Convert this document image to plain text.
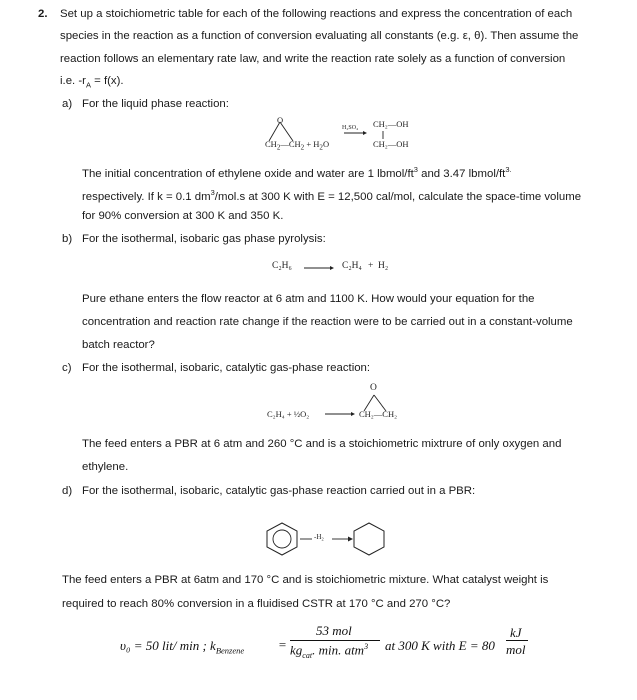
2. Set up a stoichiometric table for each of the following reactions and express the concentration of each
species in the reaction as a function of conversion evaluating all constants (e.g. ε, θ). Then assume the
reaction follows an elementary rate law, and write the reaction rate solely as a function of conversion
i.e. $-r_A = f(x)$.
a) For the liquid phase reaction:
O
$CH_2—CH_2 + H_2O$
H₂SO₄ CH₂—OH
CH₂—OH
The initial concentration of ethylene oxide and water are 1 lbmol/$ft^3$ and 3.47 lbmol/$ft^{3.}$
respectively. If k = 0.1 $dm^3/mol.s$ at 300 K with E = 12,500 cal/mol, calculate the space-time volume
for 90% conversion at 300 K and 350 K.
b) For the isothermal, isobaric gas phase pyrolysis:
C₂H₆	C₂H₄ + H₂
Pure ethane enters the flow reactor at 6 atm and 1100 K. How would your equation for the
concentration and reaction rate change if the reaction were to be carried out in a constant-volume
batch reactor?
c) For the isothermal, isobaric, catalytic gas-phase reaction:
C₂H₄ + ½O₂
O
CH₂—CH₂
The feed enters a PBR at 6 atm and 260 °C and is a stoichiometric mixtrure of only oxygen and
ethylene.
d) For the isothermal, isobaric, catalytic gas-phase reaction carried out in a PBR:
-H₂
The feed enters a PBR at 6atm and 170 °C and is stoichiometric mixture. What catalyst weight is
required to reach 80% conversion in a fluidised CSTR at 170 °C and 270 °C?
υ₀ = 50 lit/ min ; $k_{Benzene}$	=
53 mol
$kg_{cat}$. min. atm$^3$ at 300 K with E = 80
kJ
mol
